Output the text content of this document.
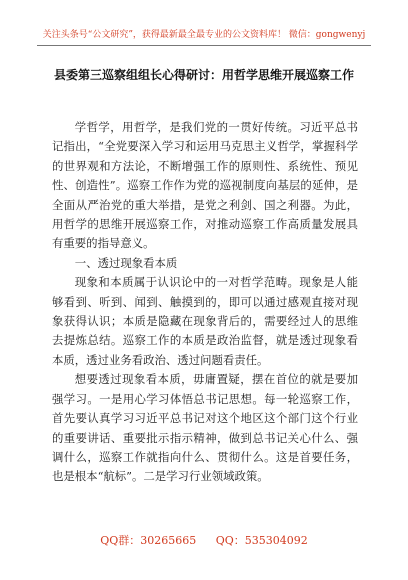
关注头条号“公文研究”，获得最新最全最专业的公文资料库！ 微信：gongwenyj
县委第三巡察组组长心得研讨：用哲学思维开展巡察工作

学哲学，用哲学，是我们党的一贯好传统。习近平总书记指出，“全党要深入学习和运用马克思主义哲学，掌握科学的世界观和方法论，不断增强工作的原则性、系统性、预见性、创造性”。巡察工作作为党的巡视制度向基层的延伸，是全面从严治党的重大举措，是党之利剑、国之利器。为此，用哲学的思维开展巡察工作，对推动巡察工作高质量发展具有重要的指导意义。

一、透过现象看本质

现象和本质属于认识论中的一对哲学范畴。现象是人能够看到、听到、闻到、触摸到的，即可以通过感观直接对现象获得认识；本质是隐藏在现象背后的，需要经过人的思维去提炼总结。巡察工作的本质是政治监督，就是透过现象看本质，透过业务看政治、透过问题看责任。

想要透过现象看本质，毋庸置疑，摆在首位的就是要加强学习。一是用心学习体悟总书记思想。每一轮巡察工作，首先要认真学习习近平总书记对这个地区这个部门这个行业的重要讲话、重要批示指示精神，做到总书记关心什么、强调什么，巡察工作就指向什么、贯彻什么。这是首要任务，也是根本“航标”。二是学习行业领域政策。

QQ群：30265665 QQ：535304092
